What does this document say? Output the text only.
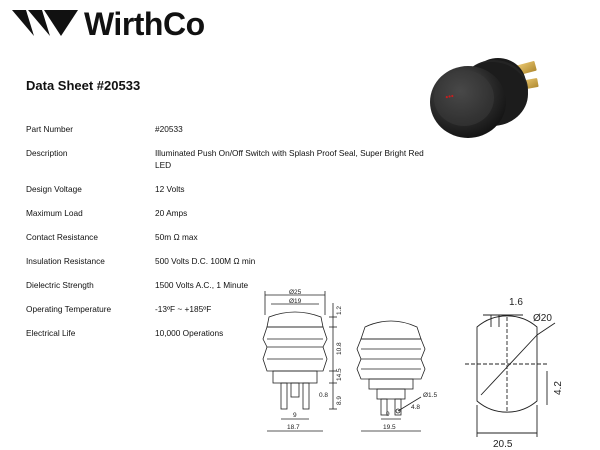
WirthCo
Data Sheet #20533
Part Number	#20533
Description	Illuminated Push On/Off Switch with Splash Proof Seal, Super Bright Red LED
Design Voltage	12 Volts
Maximum Load	20 Amps
Contact Resistance	50m Ω max
Insulation Resistance	500 Volts D.C. 100M Ω min
Dielectric Strength	1500 Volts A.C., 1 Minute
Operating Temperature	-13ºF ~ +185ºF
Electrical Life	10,000 Operations
•••
Ø25
Ø19
1.2
10.8
14.5
0.8
8.9
9
18.7
Ø1.5
9
4.8
19.5
1.6
Ø20
4.2
20.5
